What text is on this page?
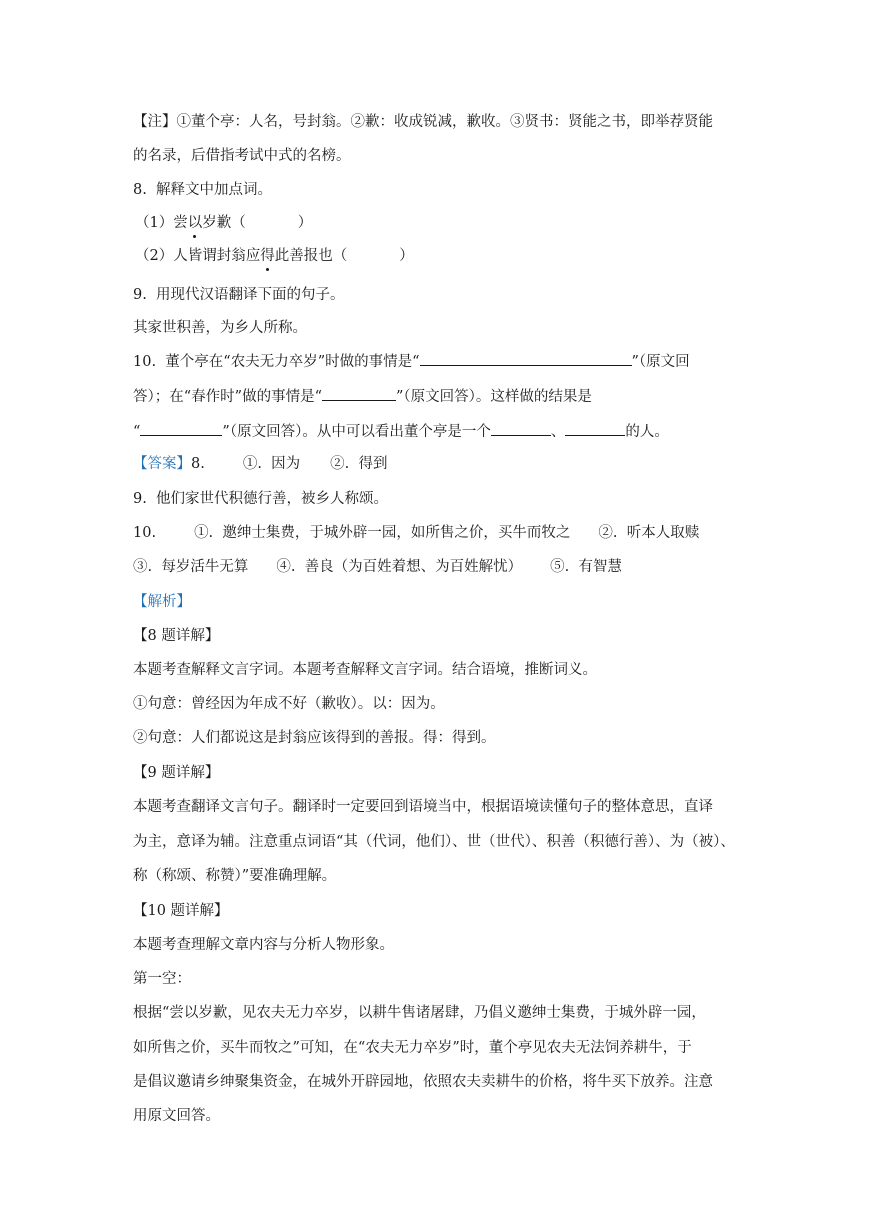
【注】①董个亭：人名，号封翁。②歉：收成锐减，歉收。③贤书：贤能之书，即举荐贤能
的名录，后借指考试中式的名榜。
8.  解释文中加点词。
（1）尝以岁歉（	）
（2）人皆谓封翁应得此善报也（	）
9.  用现代汉语翻译下面的句子。
其家世积善，为乡人所称。
10.  董个亭在“农夫无力卒岁”时做的事情是“	”（原文回
答）；在“春作时”做的事情是“	”（原文回答）。这样做的结果是
“	”（原文回答）。从中可以看出董个亭是一个	、	的人。
【答案】8.	①.  因为 ②.  得到
9.  他们家世代积德行善，被乡人称颂。
10.	①.  邀绅士集费，于城外辟一园，如所售之价，买牛而牧之 ②.  听本人取赎
③.  每岁活牛无算 ④.  善良（为百姓着想、为百姓解忧） ⑤.  有智慧
【解析】
【8 题详解】
本题考查解释文言字词。本题考查解释文言字词。结合语境，推断词义。
①句意：曾经因为年成不好（歉收）。以：因为。
②句意：人们都说这是封翁应该得到的善报。得：得到。
【9 题详解】
本题考查翻译文言句子。翻译时一定要回到语境当中，根据语境读懂句子的整体意思，直译
为主，意译为辅。注意重点词语“其（代词，他们）、世（世代）、积善（积德行善）、为（被）、
称（称颂、称赞）”要准确理解。
【10 题详解】
本题考查理解文章内容与分析人物形象。
第一空：
根据“尝以岁歉，见农夫无力卒岁，以耕牛售诸屠肆，乃倡义邀绅士集费，于城外辟一园，
如所售之价，买牛而牧之”可知，在“农夫无力卒岁”时，董个亭见农夫无法饲养耕牛，于
是倡议邀请乡绅聚集资金，在城外开辟园地，依照农夫卖耕牛的价格，将牛买下放养。注意
用原文回答。
